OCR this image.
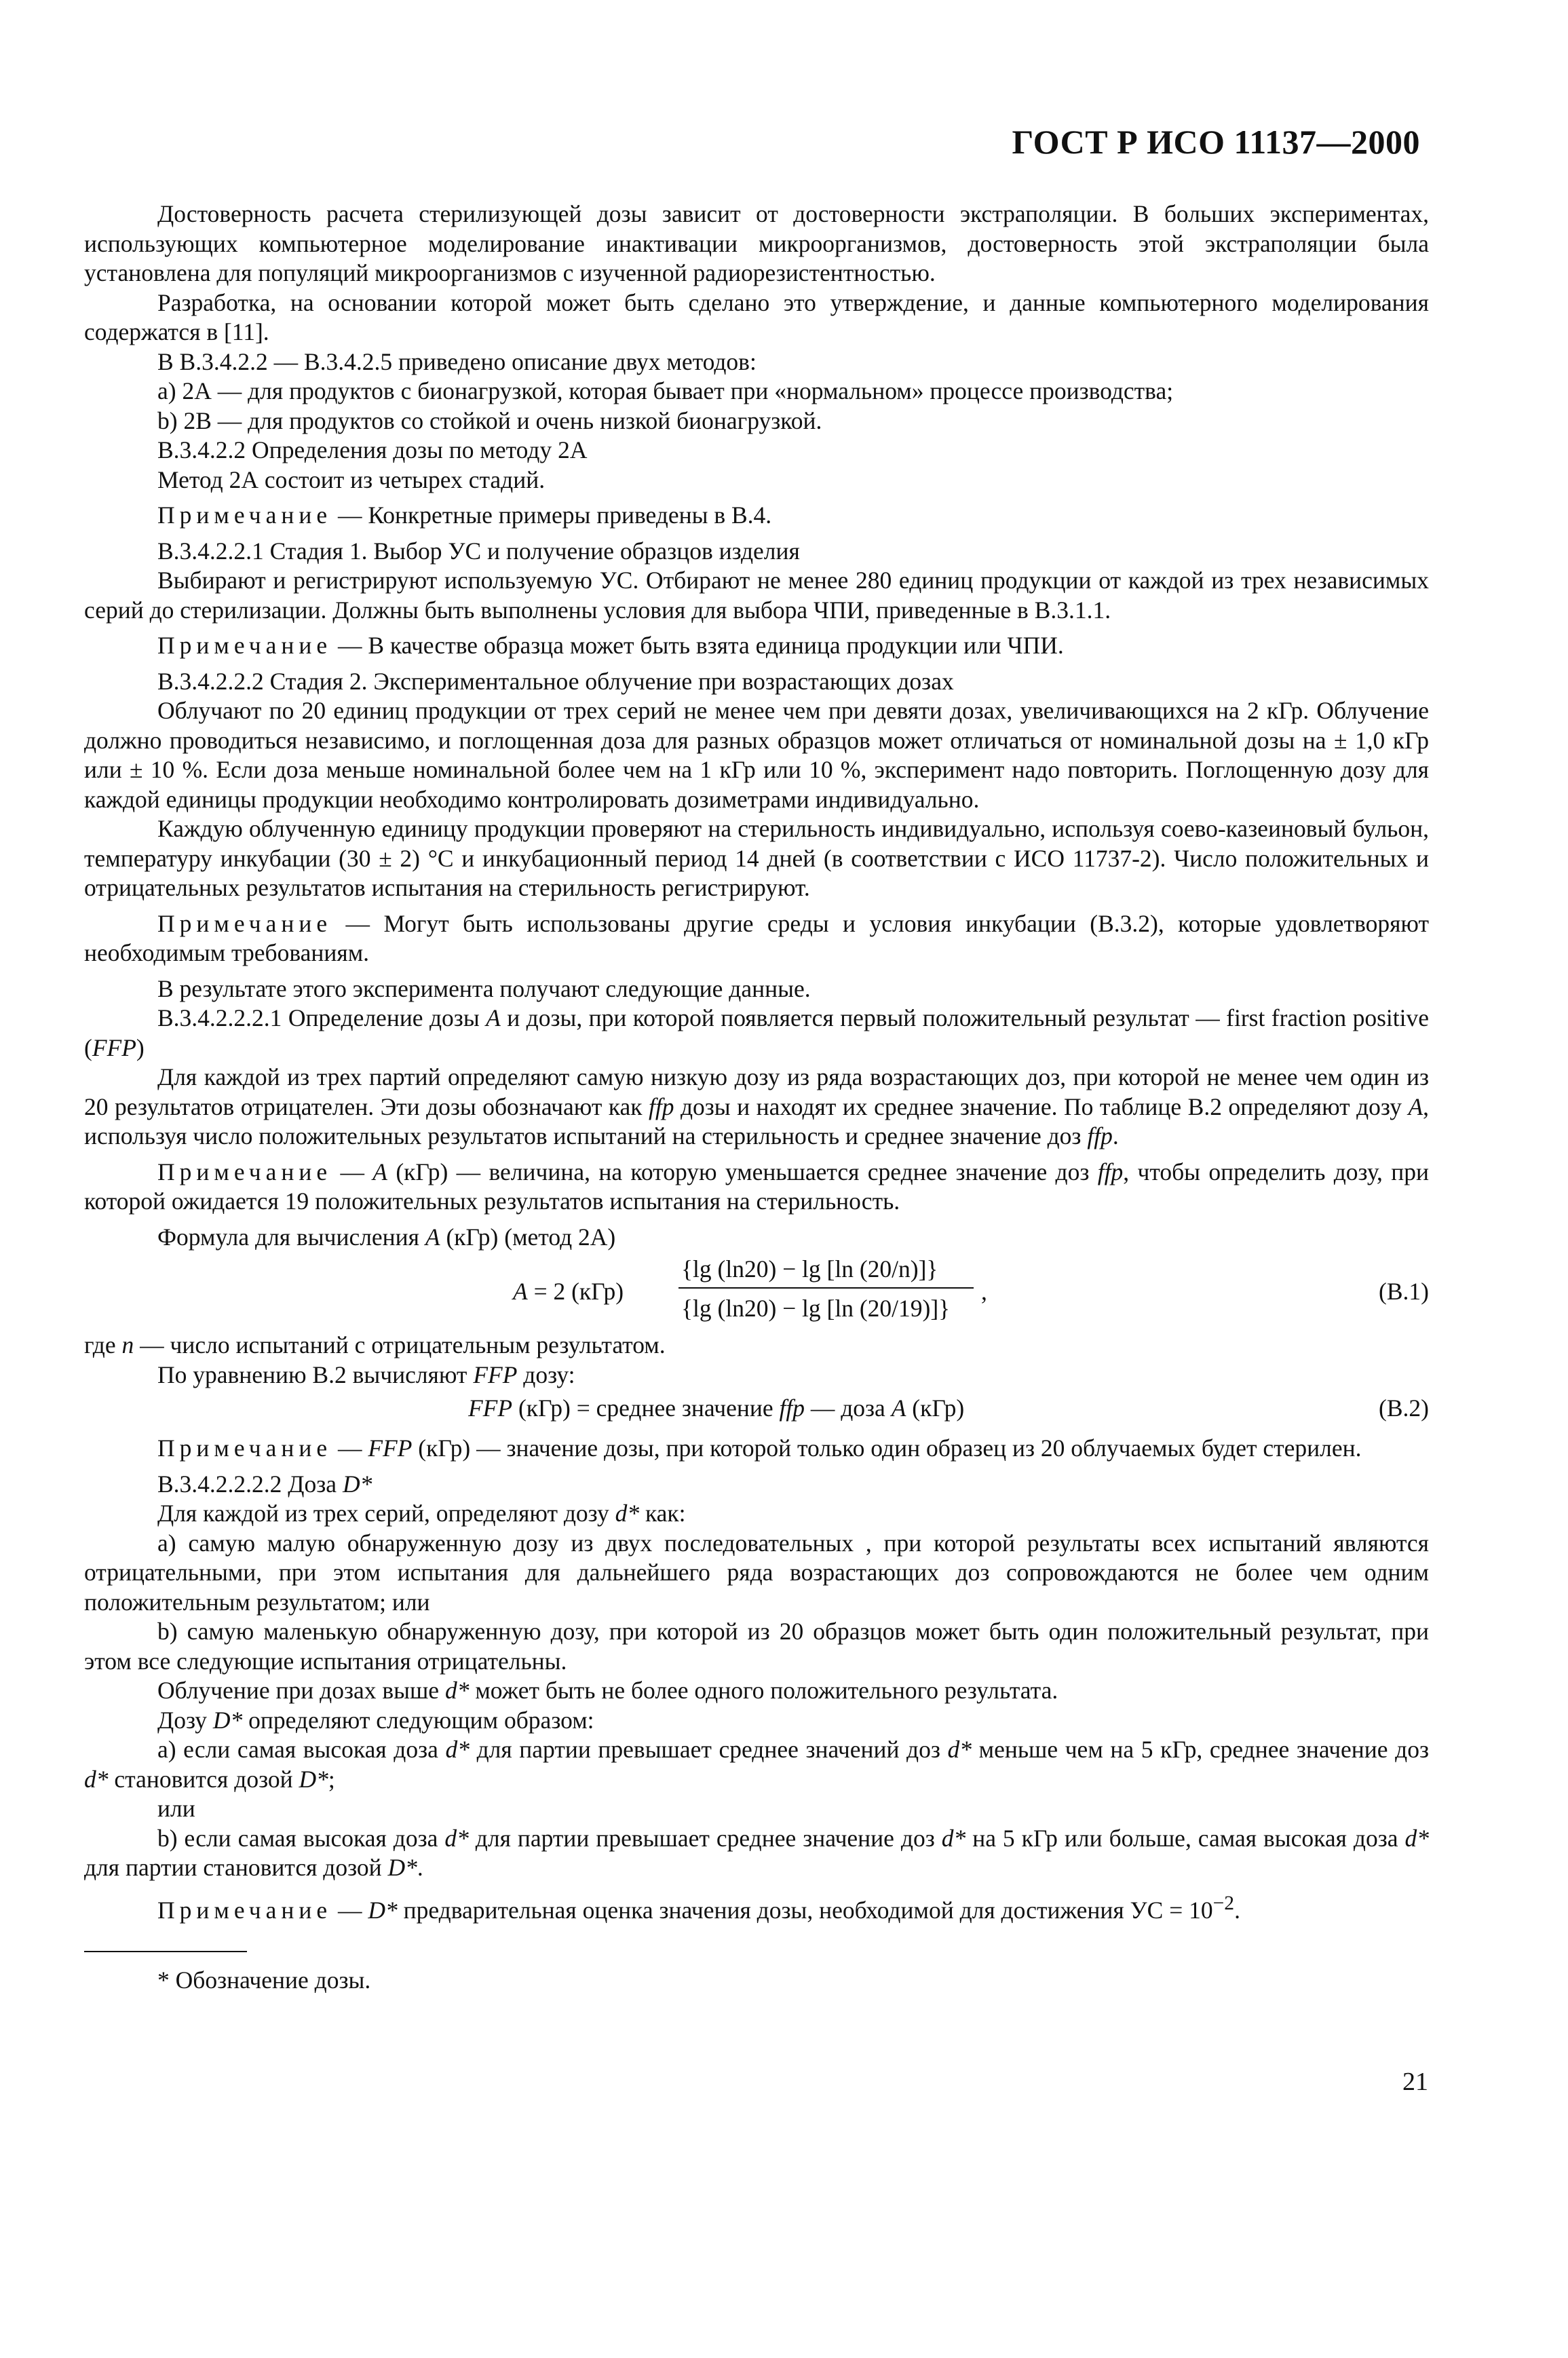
ГОСТ Р ИСО 11137—2000

Достоверность расчета стерилизующей дозы зависит от достоверности экстраполяции. В больших экспериментах, использующих компьютерное моделирование инактивации микроорганизмов, достоверность этой экстраполяции была установлена для популяций микроорганизмов с изученной радиорезистентностью.

Разработка, на основании которой может быть сделано это утверждение, и данные компьютерного моделирования содержатся в [11].

В В.3.4.2.2 — В.3.4.2.5 приведено описание двух методов:

а) 2А — для продуктов с бионагрузкой, которая бывает при «нормальном» процессе производства;

b) 2В — для продуктов со стойкой и очень низкой бионагрузкой.

В.3.4.2.2 Определения дозы по методу 2А

Метод 2А состоит из четырех стадий.

Примечание — Конкретные примеры приведены в В.4.

В.3.4.2.2.1 Стадия 1. Выбор УС и получение образцов изделия

Выбирают и регистрируют используемую УС. Отбирают не менее 280 единиц продукции от каждой из трех независимых серий до стерилизации. Должны быть выполнены условия для выбора ЧПИ, приведенные в В.3.1.1.

Примечание — В качестве образца может быть взята единица продукции или ЧПИ.

В.3.4.2.2.2 Стадия 2. Экспериментальное облучение при возрастающих дозах

Облучают по 20 единиц продукции от трех серий не менее чем при девяти дозах, увеличивающихся на 2 кГр. Облучение должно проводиться независимо, и поглощенная доза для разных образцов может отличаться от номинальной дозы на ± 1,0 кГр или ± 10 %. Если доза меньше номинальной более чем на 1 кГр или 10 %, эксперимент надо повторить. Поглощенную дозу для каждой единицы продукции необходимо контролировать дозиметрами индивидуально.

Каждую облученную единицу продукции проверяют на стерильность индивидуально, используя соево-казеиновый бульон, температуру инкубации (30 ± 2) °С и инкубационный период 14 дней (в соответствии с ИСО 11737-2). Число положительных и отрицательных результатов испытания на стерильность регистрируют.

Примечание — Могут быть использованы другие среды и условия инкубации (В.3.2), которые удовлетворяют необходимым требованиям.

В результате этого эксперимента получают следующие данные.

В.3.4.2.2.2.1 Определение дозы A и дозы, при которой появляется первый положительный результат — first fraction positive (FFP)

Для каждой из трех партий определяют самую низкую дозу из ряда возрастающих доз, при которой не менее чем один из 20 результатов отрицателен. Эти дозы обозначают как ffp дозы и находят их среднее значение. По таблице В.2 определяют дозу A, используя число положительных результатов испытаний на стерильность и среднее значение доз ffp.

Примечание — A (кГр) — величина, на которую уменьшается среднее значение доз ffp, чтобы определить дозу, при которой ожидается 19 положительных результатов испытания на стерильность.

Формула для вычисления A (кГр) (метод 2А)

A = 2 (кГр)
{lg (ln20) − lg [ln (20/n)]}
{lg (ln20) − lg [ln (20/19)]}
,	(В.1)

где n — число испытаний с отрицательным результатом.

По уравнению В.2 вычисляют FFP дозу:

FFP (кГр) = среднее значение ffp — доза A (кГр)	(В.2)

Примечание — FFP (кГр) — значение дозы, при которой только один образец из 20 облучаемых будет стерилен.

В.3.4.2.2.2.2 Доза D*

Для каждой из трех серий, определяют дозу d* как:

а) самую малую обнаруженную дозу из двух последовательных , при которой результаты всех испытаний являются отрицательными, при этом испытания для дальнейшего ряда возрастающих доз сопровождаются не более чем одним положительным результатом; или

b) самую маленькую обнаруженную дозу, при которой из 20 образцов может быть один положительный результат, при этом все следующие испытания отрицательны.

Облучение при дозах выше d* может быть не более одного положительного результата.

Дозу D* определяют следующим образом:

а) если самая высокая доза d* для партии превышает среднее значений доз d* меньше чем на 5 кГр, среднее значение доз d* становится дозой D*;

или

b) если самая высокая доза d* для партии превышает среднее значение доз d* на 5 кГр или больше, самая высокая доза d* для партии становится дозой D*.

Примечание — D* предварительная оценка значения дозы, необходимой для достижения УС = $10^{-2}$.

* Обозначение дозы.

21
